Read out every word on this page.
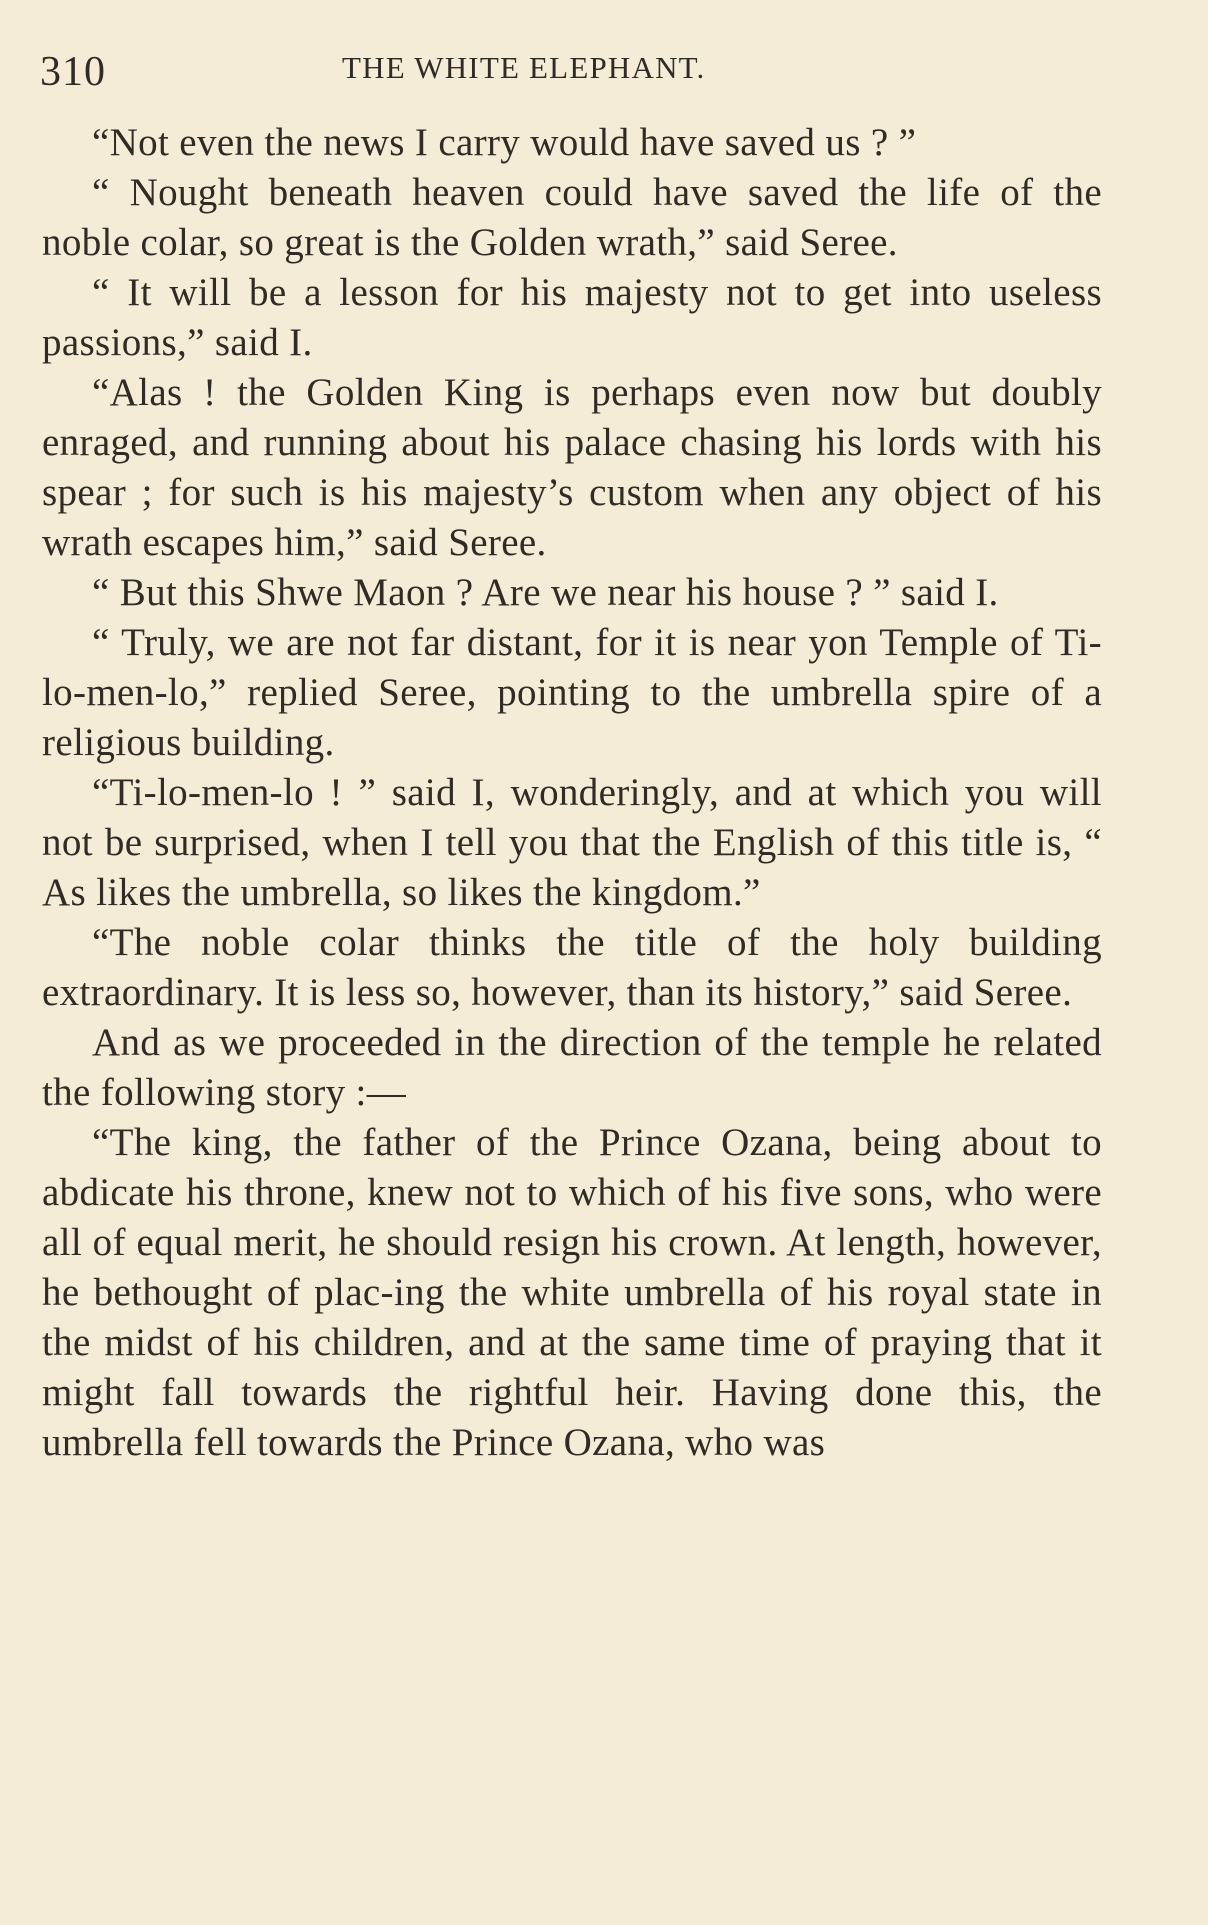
310	THE WHITE ELEPHANT.

“Not even the news I carry would have saved us ? ”

“ Nought beneath heaven could have saved the life of the noble colar, so great is the Golden wrath,” said Seree.

“ It will be a lesson for his majesty not to get into useless passions,” said I.

“Alas ! the Golden King is perhaps even now but doubly enraged, and running about his palace chasing his lords with his spear ; for such is his majesty’s custom when any object of his wrath escapes him,” said Seree.

“ But this Shwe Maon ? Are we near his house ? ” said I.

“ Truly, we are not far distant, for it is near yon Temple of Ti-lo-men-lo,” replied Seree, pointing to the umbrella spire of a religious building.

“Ti-lo-men-lo ! ” said I, wonderingly, and at which you will not be surprised, when I tell you that the English of this title is, “ As likes the umbrella, so likes the kingdom.”

“The noble colar thinks the title of the holy building extraordinary. It is less so, however, than its history,” said Seree.

And as we proceeded in the direction of the temple he related the following story :—

“The king, the father of the Prince Ozana, being about to abdicate his throne, knew not to which of his five sons, who were all of equal merit, he should resign his crown. At length, however, he bethought of plac-ing the white umbrella of his royal state in the midst of his children, and at the same time of praying that it might fall towards the rightful heir. Having done this, the umbrella fell towards the Prince Ozana, who was
